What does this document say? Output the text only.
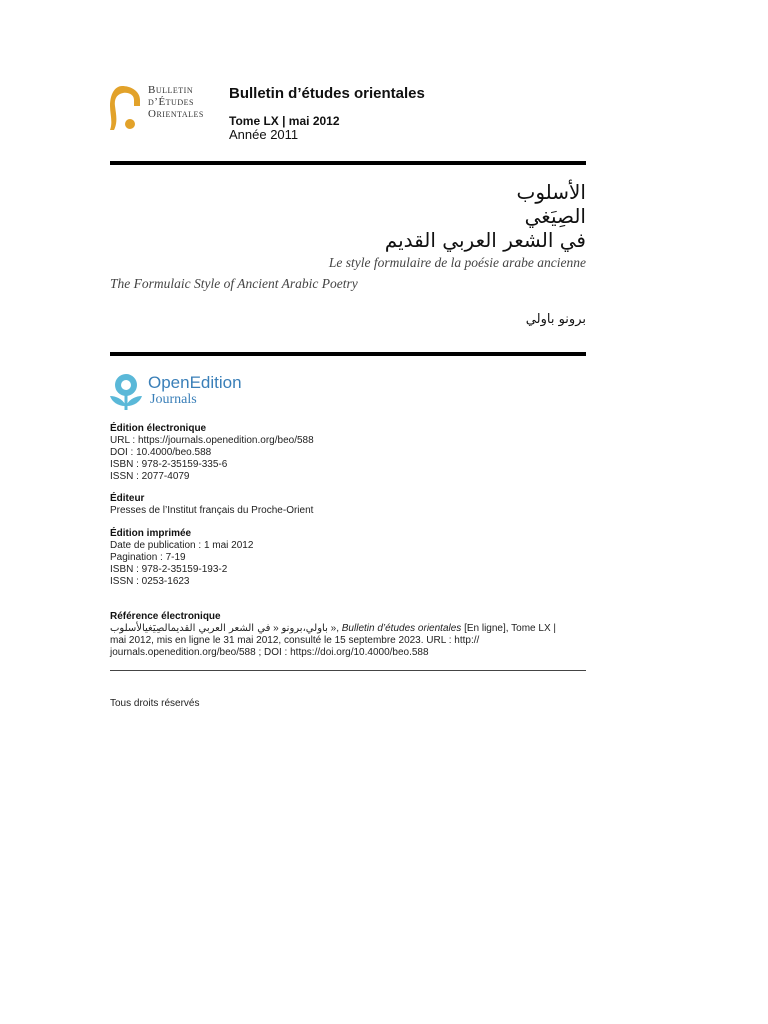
Bulletin
d’Études
Orientales
Bulletin d’études orientales
Tome LX | mai 2012
Année 2011
الأسلوب
الصِيَغي
في الشعر العربي القديم
Le style formulaire de la poésie arabe ancienne
The Formulaic Style of Ancient Arabic Poetry
برونو باولي
OpenEdition
Journals
Édition électronique
URL : https://journals.openedition.org/beo/588
DOI : 10.4000/beo.588
ISBN : 978-2-35159-335-6
ISSN : 2077-4079
Éditeur
Presses de l’Institut français du Proche-Orient
Édition imprimée
Date de publication : 1 mai 2012
Pagination : 7-19
ISBN : 978-2-35159-193-2
ISSN : 0253-1623
Référence électronique
باولي،برونو « في الشعر العربي القديمالصِيَغيالأسلوب	», Bulletin d’études orientales [En ligne], Tome LX |
mai 2012, mis en ligne le 31 mai 2012, consulté le 15 septembre 2023. URL : http://
journals.openedition.org/beo/588 ; DOI : https://doi.org/10.4000/beo.588
Tous droits réservés
